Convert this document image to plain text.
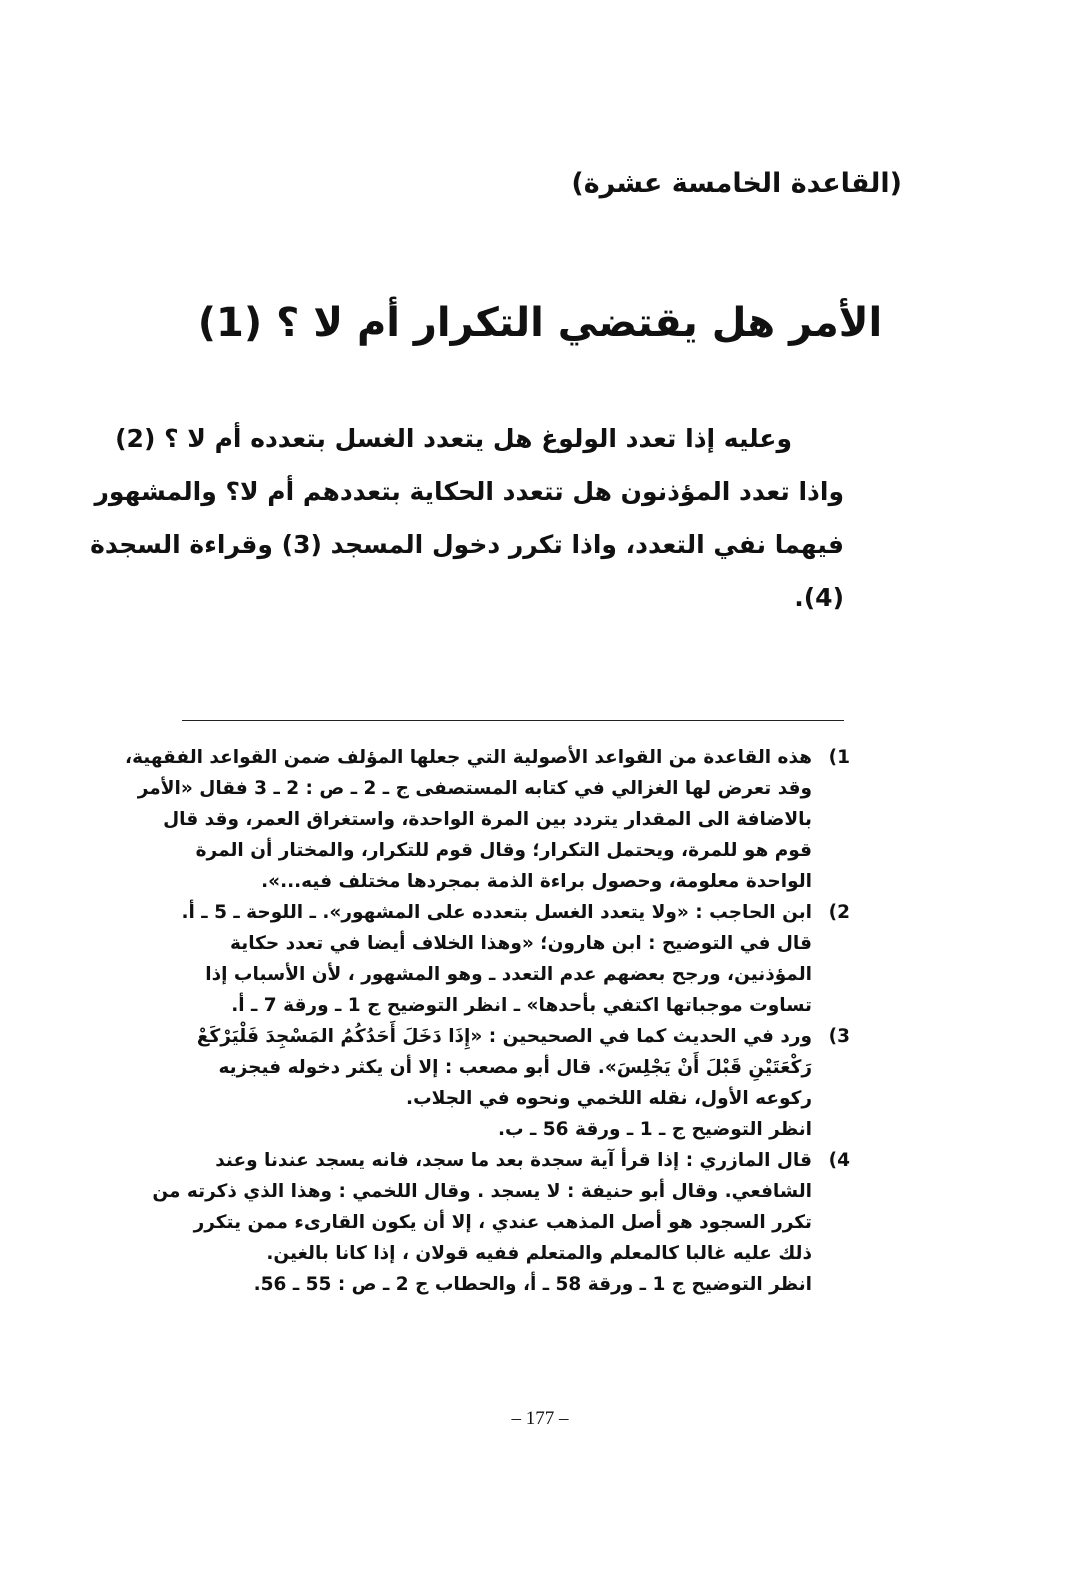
(القاعدة الخامسة عشرة)
الأمر هل يقتضي التكرار أم لا ؟ (1)
وعليه إذا تعدد الولوغ هل يتعدد الغسل بتعدده أم لا ؟ (2)
واذا تعدد المؤذنون هل تتعدد الحكاية بتعددهم أم لا؟ والمشهور
فيهما نفي التعدد، واذا تكرر دخول المسجد (3) وقراءة السجدة
(4).
(1
هذه القاعدة من القواعد الأصولية التي جعلها المؤلف ضمن القواعد الفقهية،
وقد تعرض لها الغزالي في كتابه المستصفى ج ـ 2 ـ ص : 2 ـ 3 فقال «الأمر
بالاضافة الى المقدار يتردد بين المرة الواحدة، واستغراق العمر، وقد قال
قوم هو للمرة، ويحتمل التكرار؛ وقال قوم للتكرار، والمختار أن المرة
الواحدة معلومة، وحصول براءة الذمة بمجردها مختلف فيه...».
(2
ابن الحاجب : «ولا يتعدد الغسل بتعدده على المشهور». ـ اللوحة ـ 5 ـ أ.
قال في التوضيح : ابن هارون؛ «وهذا الخلاف أيضا في تعدد حكاية
المؤذنين، ورجح بعضهم عدم التعدد ـ وهو المشهور ، لأن الأسباب إذا
تساوت موجباتها اكتفي بأحدها» ـ انظر التوضيح ج 1 ـ ورقة 7 ـ أ.
(3
ورد في الحديث كما في الصحيحين : «إِذَا دَخَلَ أَحَدُكُمُ المَسْجِدَ فَلْيَرْكَعْ
رَكْعَتَيْنِ قَبْلَ أَنْ يَجْلِسَ». قال أبو مصعب : إلا أن يكثر دخوله فيجزيه
ركوعه الأول، نقله اللخمي ونحوه في الجلاب.
انظر التوضيح ج ـ 1 ـ ورقة 56 ـ ب.
(4
قال المازري : إذا قرأ آية سجدة بعد ما سجد، فانه يسجد عندنا وعند
الشافعي. وقال أبو حنيفة : لا يسجد . وقال اللخمي : وهذا الذي ذكرته من
تكرر السجود هو أصل المذهب عندي ، إلا أن يكون القارىء ممن يتكرر
ذلك عليه غالبا كالمعلم والمتعلم ففيه قولان ، إذا كانا بالغين.
انظر التوضيح ج 1 ـ ورقة 58 ـ أ، والحطاب ج 2 ـ ص : 55 ـ 56.
– 177 –
